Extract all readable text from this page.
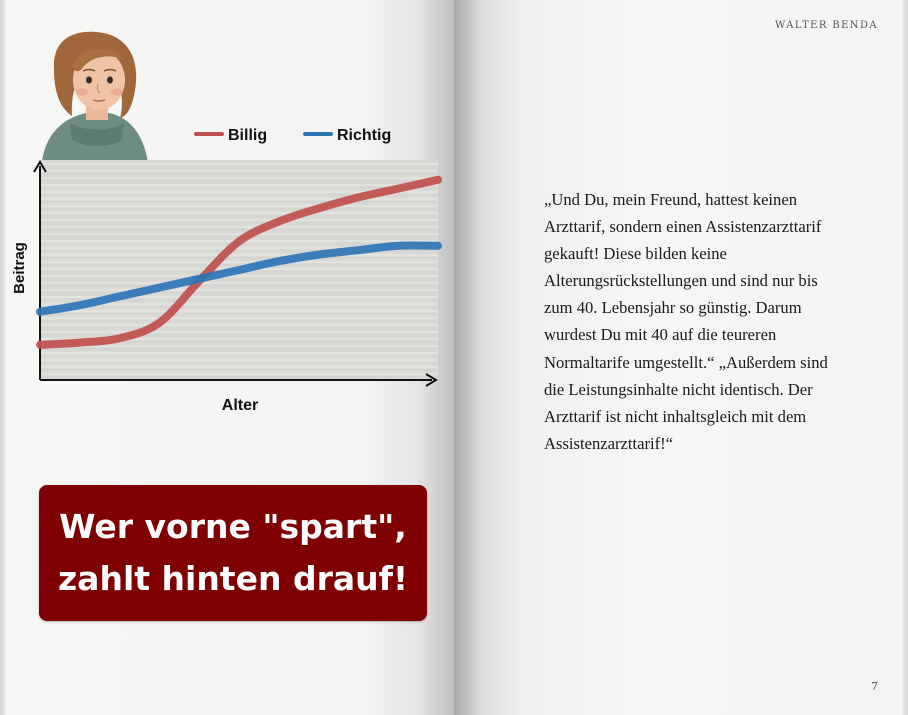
Alter
Beitrag
Billig	Richtig
Wer vorne "spart",
zahlt hinten drauf!
WALTER BENDA
„Und Du, mein Freund, hattest keinen Arzttarif, sondern einen Assistenzarzttarif gekauft! Diese bilden keine Alterungsrückstellungen und sind nur bis zum 40. Lebensjahr so günstig. Darum wurdest Du mit 40 auf die teureren Normaltarife umgestellt.“ „Außerdem sind die Leistungsinhalte nicht identisch. Der Arzttarif ist nicht inhaltsgleich mit dem Assistenzarzttarif!“
7
